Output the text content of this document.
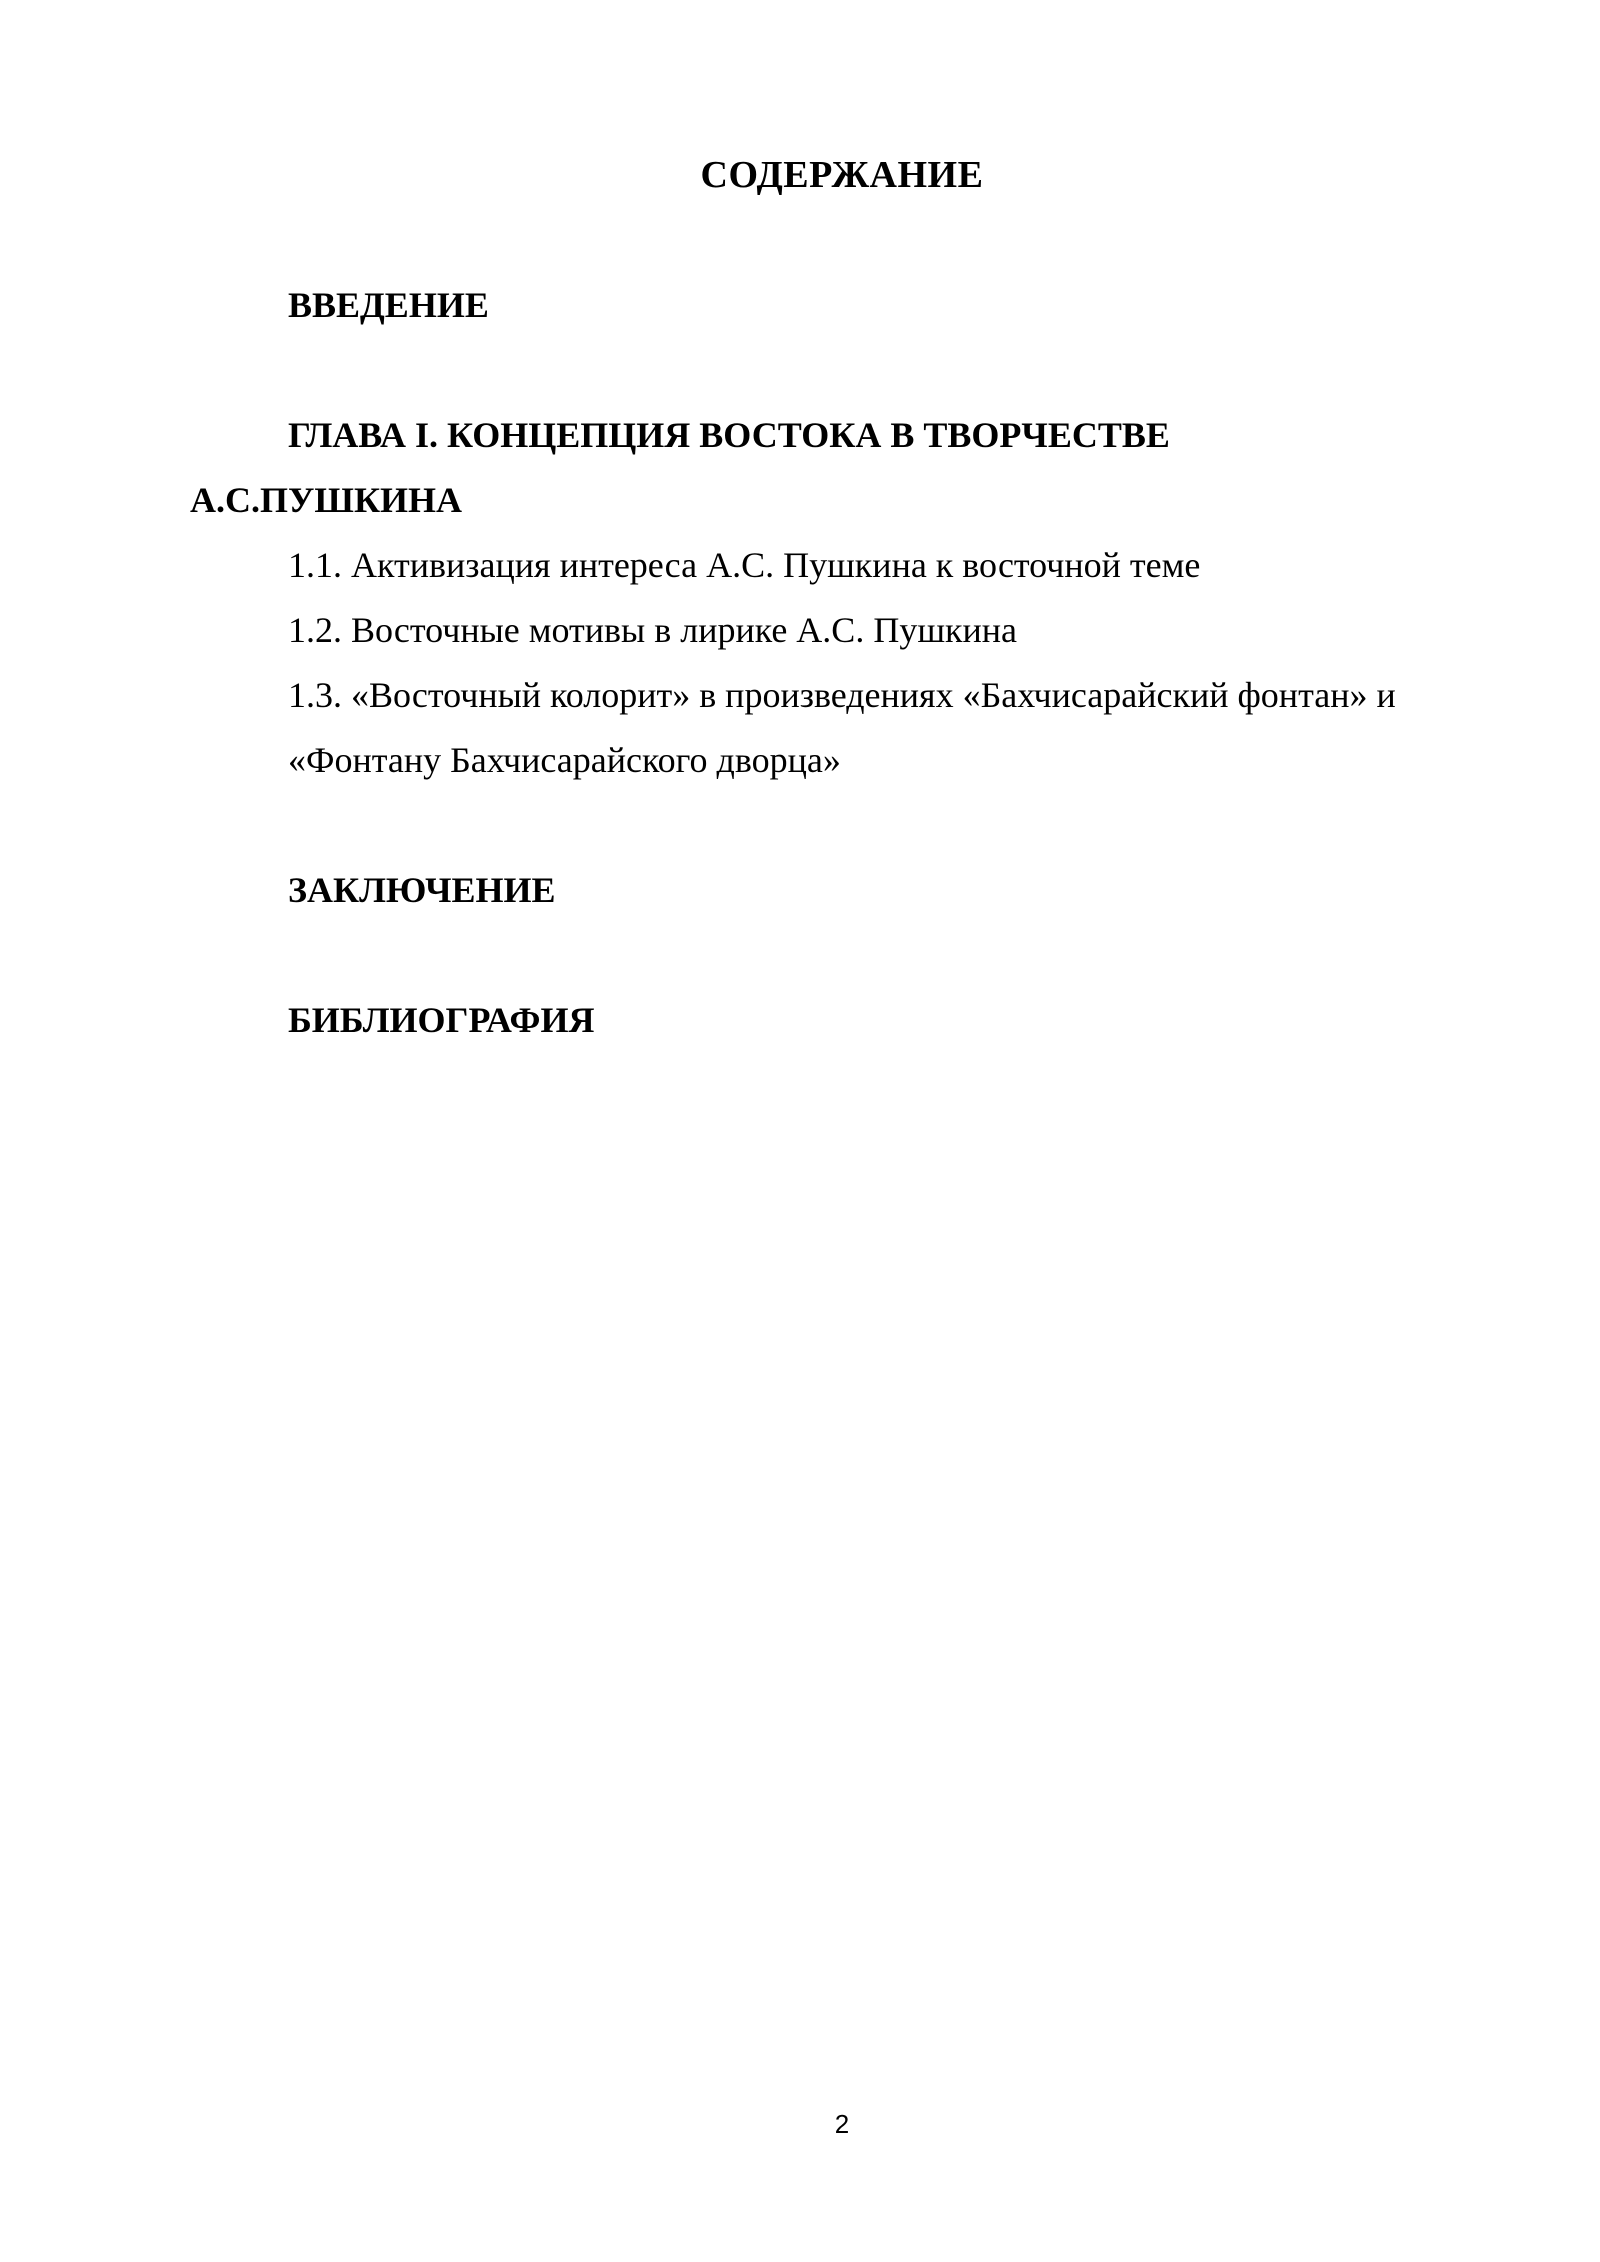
СОДЕРЖАНИЕ
ВВЕДЕНИЕ
ГЛАВА I. КОНЦЕПЦИЯ ВОСТОКА В ТВОРЧЕСТВЕ
А.С.ПУШКИНА
1.1. Активизация интереса А.С. Пушкина к восточной теме
1.2. Восточные мотивы в лирике А.С. Пушкина
1.3. «Восточный колорит» в произведениях «Бахчисарайский фонтан» и
«Фонтану Бахчисарайского дворца»
ЗАКЛЮЧЕНИЕ
БИБЛИОГРАФИЯ
2
